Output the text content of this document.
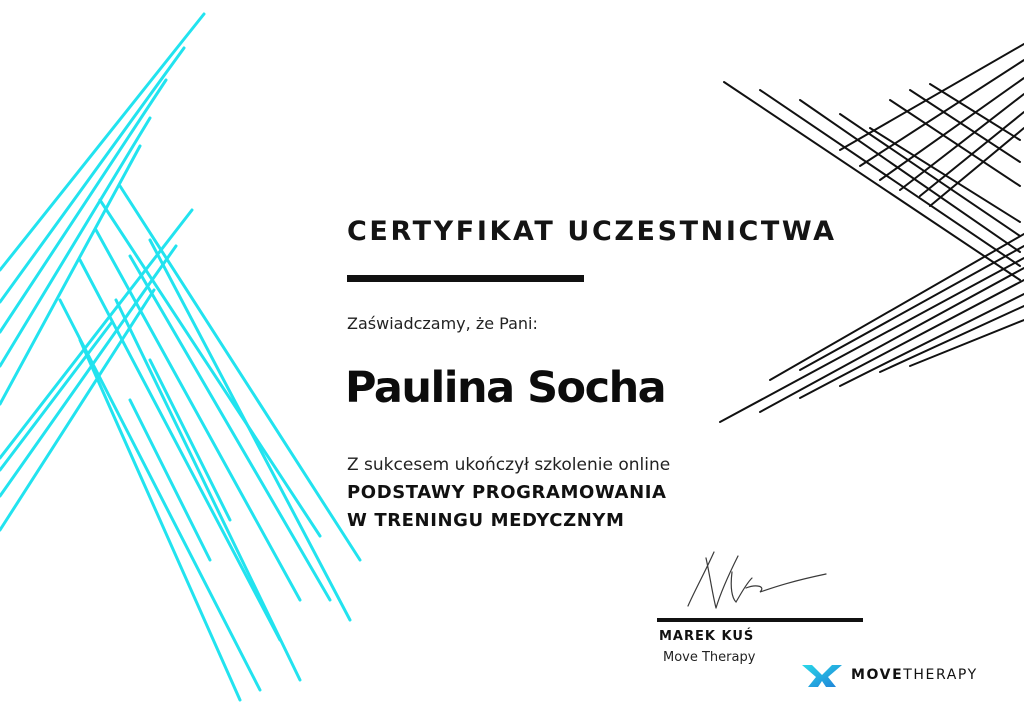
CERTYFIKAT UCZESTNICTWA
Zaświadczamy, że Pani:
Paulina Socha
Z sukcesem ukończył szkolenie online
PODSTAWY PROGRAMOWANIA
W TRENINGU MEDYCZNYM
MAREK KUŚ
Move Therapy
MOVETHERAPY
